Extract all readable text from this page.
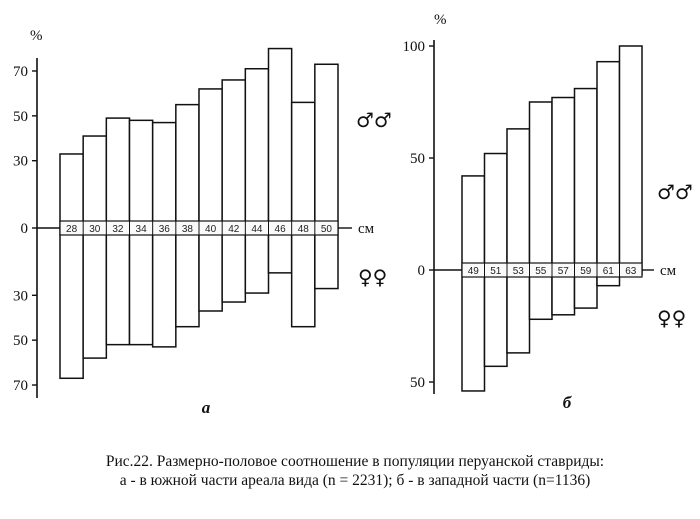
%
70
50
30
0
30
50
70
28 30 32 34 36 38 40 42 44 46 48 50 см
♂♂
♀♀
а
%
100
50
0
50
49 51 53 55 57 59 61 63 см
♂♂
♀♀
б
Рис.22. Размерно-половое соотношение в популяции перуанской ставриды:
а - в южной части ареала вида (n = 2231); б - в западной части (n=1136)
